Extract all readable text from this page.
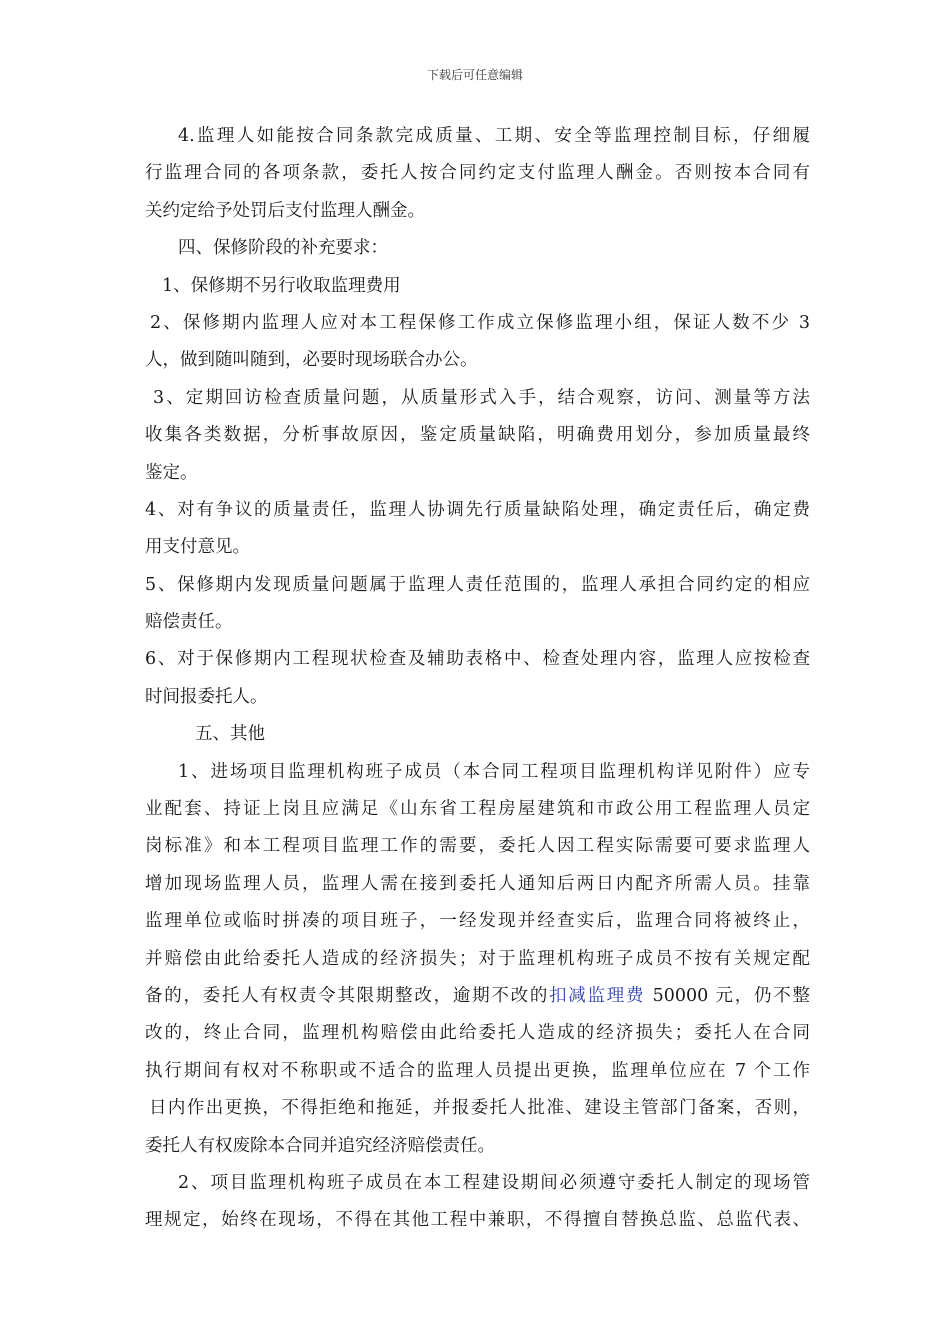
下载后可任意编辑
4.监理人如能按合同条款完成质量、工期、安全等监理控制目标，仔细履
行监理合同的各项条款，委托人按合同约定支付监理人酬金。否则按本合同有
关约定给予处罚后支付监理人酬金。
四、保修阶段的补充要求：
1、保修期不另行收取监理费用
2、保修期内监理人应对本工程保修工作成立保修监理小组，保证人数不少 3
人，做到随叫随到，必要时现场联合办公。
3、定期回访检查质量问题，从质量形式入手，结合观察，访问、测量等方法
收集各类数据，分析事故原因，鉴定质量缺陷，明确费用划分，参加质量最终
鉴定。
4、对有争议的质量责任，监理人协调先行质量缺陷处理，确定责任后，确定费
用支付意见。
5、保修期内发现质量问题属于监理人责任范围的，监理人承担合同约定的相应
赔偿责任。
6、对于保修期内工程现状检查及辅助表格中、检查处理内容，监理人应按检查
时间报委托人。
五、其他
1、进场项目监理机构班子成员（本合同工程项目监理机构详见附件）应专
业配套、持证上岗且应满足《山东省工程房屋建筑和市政公用工程监理人员定
岗标准》和本工程项目监理工作的需要，委托人因工程实际需要可要求监理人
增加现场监理人员，监理人需在接到委托人通知后两日内配齐所需人员。挂靠
监理单位或临时拼凑的项目班子，一经发现并经查实后，监理合同将被终止，
并赔偿由此给委托人造成的经济损失；对于监理机构班子成员不按有关规定配
备的，委托人有权责令其限期整改，逾期不改的扣减监理费 50000 元，仍不整
改的，终止合同，监理机构赔偿由此给委托人造成的经济损失；委托人在合同
执行期间有权对不称职或不适合的监理人员提出更换，监理单位应在 7 个工作
日内作出更换，不得拒绝和拖延，并报委托人批准、建设主管部门备案，否则，
委托人有权废除本合同并追究经济赔偿责任。
2、项目监理机构班子成员在本工程建设期间必须遵守委托人制定的现场管
理规定，始终在现场，不得在其他工程中兼职，不得擅自替换总监、总监代表、
